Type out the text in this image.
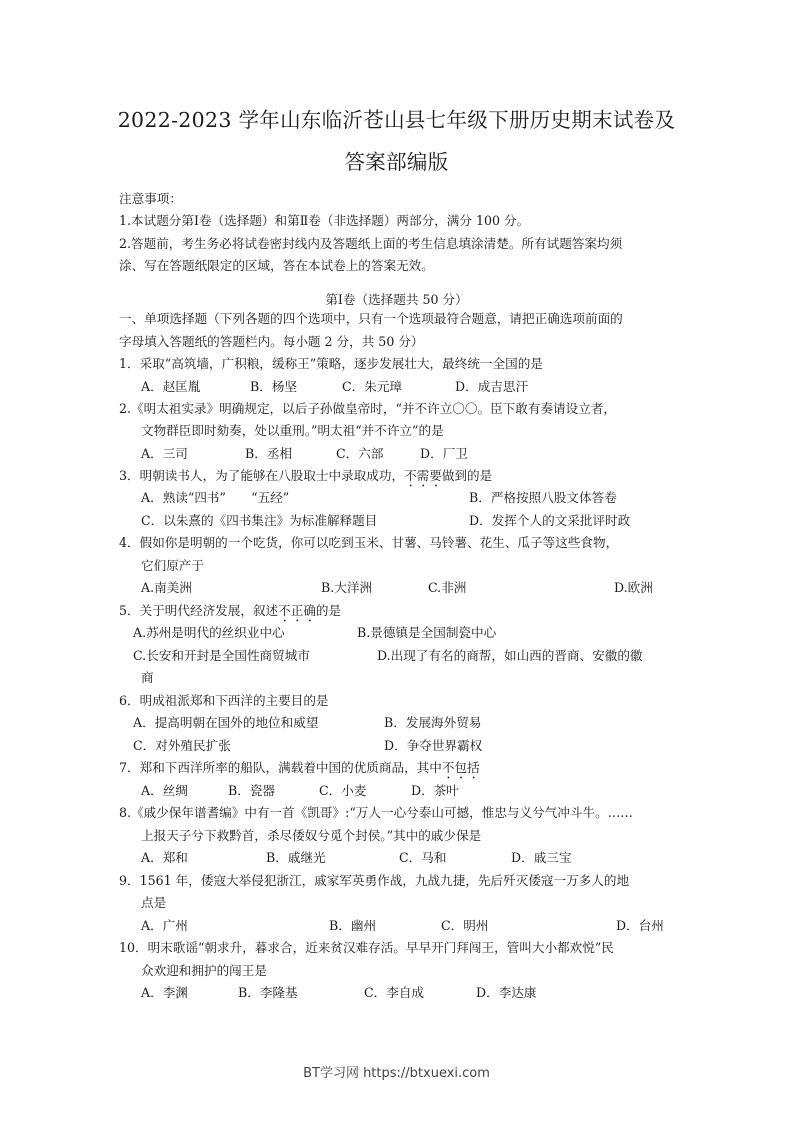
2022-2023 学年山东临沂苍山县七年级下册历史期末试卷及
答案部编版
注意事项：
1.本试题分第Ⅰ卷（选择题）和第Ⅱ卷（非选择题）两部分，满分 100 分。
2.答题前，考生务必将试卷密封线内及答题纸上面的考生信息填涂清楚。所有试题答案均须
涂、写在答题纸限定的区域，答在本试卷上的答案无效。
第Ⅰ卷（选择题共 50 分）
一、单项选择题（下列各题的四个选项中，只有一个选项最符合题意，请把正确选项前面的
字母填入答题纸的答题栏内。每小题 2 分，共 50 分）
1．采取“高筑墙，广积粮，缓称王”策略，逐步发展壮大，最终统一全国的是
A．赵匡胤	B．杨坚	C．朱元璋	D．成吉思汗
2.《明太祖实录》明确规定，以后子孙做皇帝时，“并不许立〇〇。臣下敢有奏请设立者，
文物群臣即时劾奏，处以重刑。”明太祖“并不许立”的是
A．三司	B．丞相	C．六部	D．厂卫
3．明朝读书人，为了能够在八股取士中录取成功，不需要做到的是
A．熟读“四书”　　“五经”	B．严格按照八股文体答卷
C．以朱熹的《四书集注》为标准解释题目	D．发挥个人的文采批评时政
4．假如你是明朝的一个吃货，你可以吃到玉米、甘薯、马铃薯、花生、瓜子等这些食物，
它们原产于
A.南美洲	B.大洋洲	C.非洲	D.欧洲
5．关于明代经济发展，叙述不正确的是
A.苏州是明代的丝织业中心	B.景德镇是全国制瓷中心
C.长安和开封是全国性商贸城市	D.出现了有名的商帮，如山西的晋商、安徽的徽
商
6．明成祖派郑和下西洋的主要目的是
A．提高明朝在国外的地位和威望	B．发展海外贸易
C．对外殖民扩张	D．争夺世界霸权
7．郑和下西洋所率的船队，满载着中国的优质商品，其中不包括
A．丝绸	B．瓷器	C．小麦	D．茶叶
8.《戚少保年谱耆编》中有一首《凯哥》:“万人一心兮泰山可撼，惟忠与义兮气冲斗牛。……
上报天子兮下救黔首，杀尽倭奴兮觅个封侯。”其中的戚少保是
A．郑和	B．戚继光	C．马和	D．戚三宝
9．1561 年，倭寇大举侵犯浙江，戚家军英勇作战，九战九捷，先后歼灭倭寇一万多人的地
点是
A．广州	B．幽州	C．明州	D．台州
10．明末歌谣“朝求升，暮求合，近来贫汉难存活。早早开门拜闯王，管叫大小都欢悦”民
众欢迎和拥护的闯王是
A．李渊	B．李隆基	C．李自成	D．李达康
BT学习网 https://btxuexi.com
